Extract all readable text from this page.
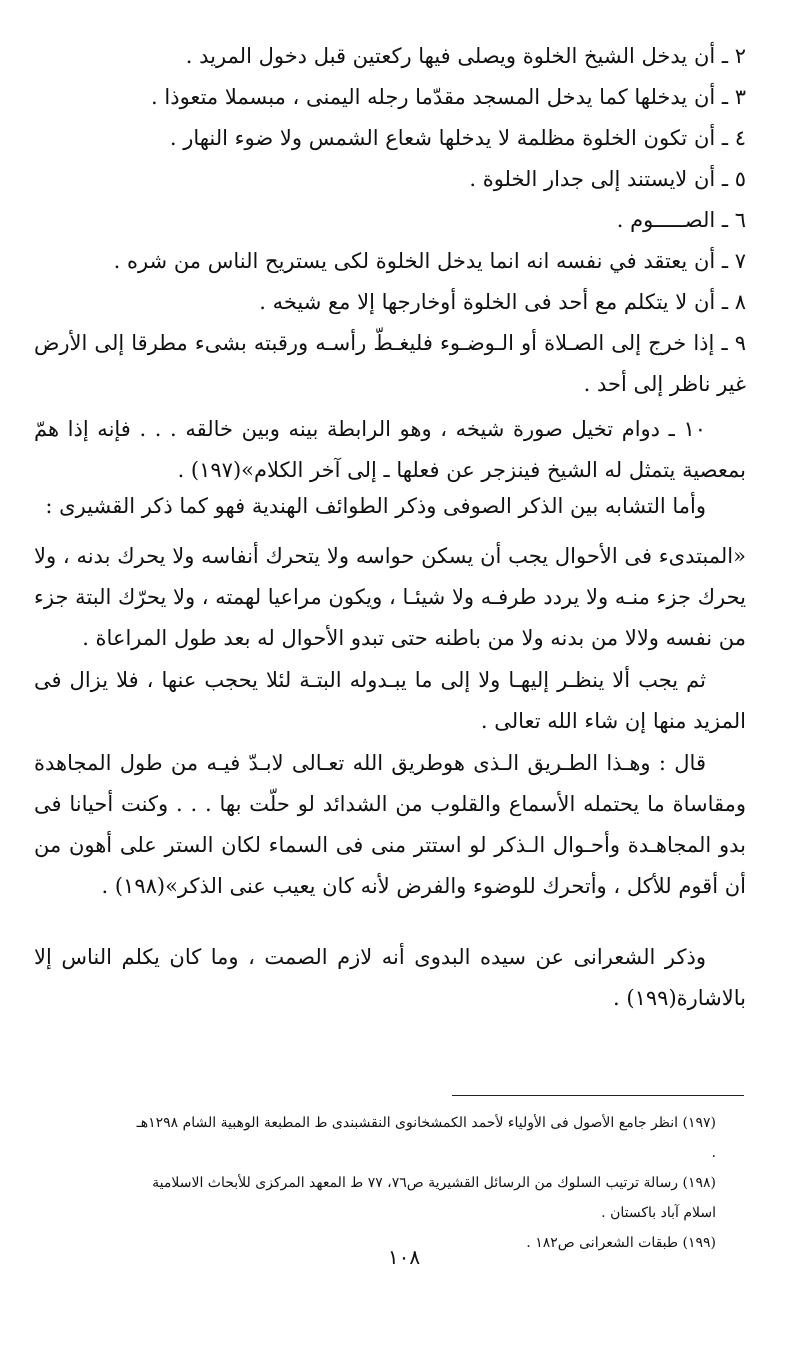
٢ ـ أن يدخل الشيخ الخلوة ويصلى فيها ركعتين قبل دخول المريد .
٣ ـ أن يدخلها كما يدخل المسجد مقدّما رجله اليمنى ، مبسملا متعوذا .
٤ ـ أن تكون الخلوة مظلمة لا يدخلها شعاع الشمس ولا ضوء النهار .
٥ ـ أن لايستند إلى جدار الخلوة .
٦ ـ الصـــــوم .
٧ ـ أن يعتقد في نفسه انه انما يدخل الخلوة لكى يستريح الناس من شره .
٨ ـ أن لا يتكلم مع أحد فى الخلوة أوخارجها إلا مع شيخه .
٩ ـ إذا خرج إلى الصـلاة أو الـوضـوء فليغـطّ رأسـه ورقبته بشىء مطرقا إلى الأرض غير ناظر إلى أحد .
١٠ ـ دوام تخيل صورة شيخه ، وهو الرابطة بينه وبين خالقه . . . فإنه إذا همّ بمعصية يتمثل له الشيخ فينزجر عن فعلها ـ إلى آخر الكلام»(١٩٧) .
وأما التشابه بين الذكر الصوفى وذكر الطوائف الهندية فهو كما ذكر القشيرى :
«المبتدىء فى الأحوال يجب أن يسكن حواسه ولا يتحرك أنفاسه ولا يحرك بدنه ، ولا يحرك جزء منـه ولا يردد طرفـه ولا شيئـا ، ويكون مراعيا لهمته ، ولا يحرّك البتة جزء من نفسه ولالا من بدنه ولا من باطنه حتى تبدو الأحوال له بعد طول المراعاة .
ثم يجب ألا ينظـر إليهـا ولا إلى ما يبـدوله البتـة لئلا يحجب عنها ، فلا يزال فى المزيد منها إن شاء الله تعالى .
قال : وهـذا الطـريق الـذى هوطريق الله تعـالى لابـدّ فيـه من طول المجاهدة ومقاساة ما يحتمله الأسماع والقلوب من الشدائد لو حلّت بها . . . وكنت أحيانا فى بدو المجاهـدة وأحـوال الـذكر لو استتر منى فى السماء لكان الستر على أهون من أن أقوم للأكل ، وأتحرك للوضوء والفرض لأنه كان يعيب عنى الذكر»(١٩٨) .
وذكر الشعرانى عن سيده البدوى أنه لازم الصمت ، وما كان يكلم الناس إلا بالاشارة(١٩٩) .
(١٩٧) انظر جامع الأصول فى الأولياء لأحمد الكمشخانوى النقشبندى ط المطبعة الوهبية الشام ١٢٩٨هـ .
(١٩٨) رسالة ترتيب السلوك من الرسائل القشيرية ص٧٦، ٧٧ ط المعهد المركزى للأبحاث الاسلامية اسلام آباد باكستان .
(١٩٩) طبقات الشعرانى ص١٨٢ .
١٠٨
